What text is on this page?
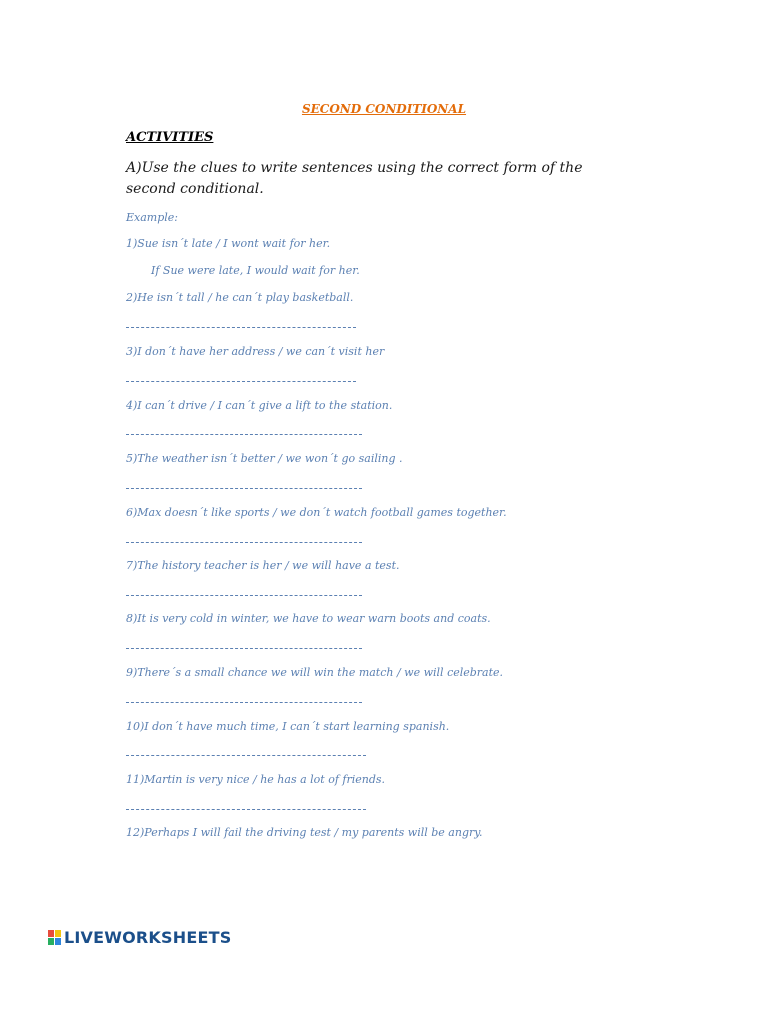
SECOND CONDITIONAL
ACTIVITIES
A)Use the clues to write sentences using the correct form of the second conditional.
Example:
1)Sue isn´t late / I wont wait for her.
If Sue were late, I would wait for her.
2)He isn´t tall / he can´t play basketball.
3)I don´t have her address / we can´t visit her
4)I can´t drive / I can´t give a lift to the station.
5)The weather isn´t better / we won´t go sailing .
6)Max doesn´t like sports / we don´t watch football games together.
7)The history teacher is her / we will have a test.
8)It is very cold in winter, we have to wear warn boots and coats.
9)There´s a small chance we will win the match / we will celebrate.
10)I don´t have much time, I can´t start learning spanish.
11)Martin is very nice / he has a lot of friends.
12)Perhaps I will fail the driving test / my parents will be angry.
LIVEWORKSHEETS
